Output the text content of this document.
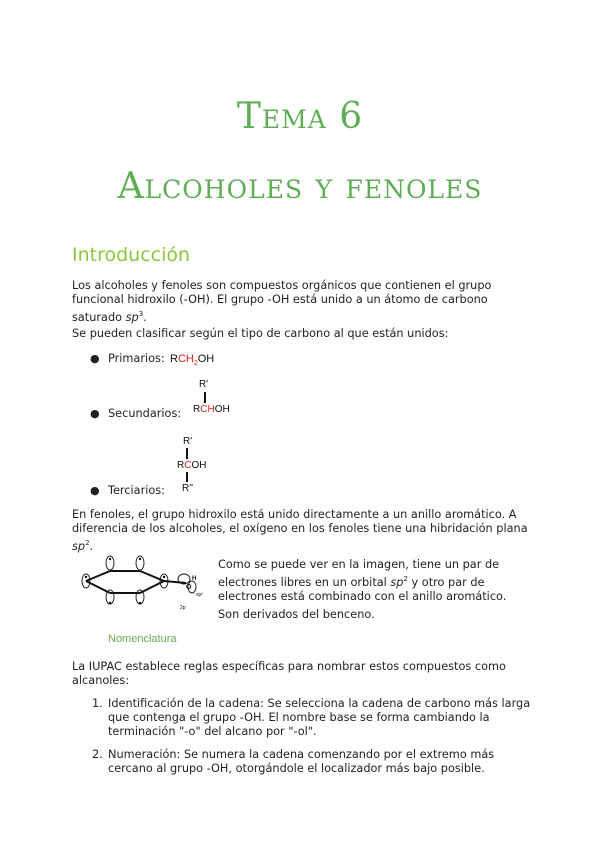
Tema 6
Alcoholes y fenoles
Introducción
Los alcoholes y fenoles son compuestos orgánicos que contienen el grupo
funcional hidroxilo (-OH). El grupo -OH está unido a un átomo de carbono
saturado $sp^3$.
Se pueden clasificar según el tipo de carbono al que están unidos:
● Primarios: $RCH_2OH$
R'
RCHOH
● Secundarios:
R'
RCOH
● Terciarios: R''
En fenoles, el grupo hidroxilo está unido directamente a un anillo aromático. A
diferencia de los alcoholes, el oxígeno en los fenoles tiene una hibridación plana
$sp^2$.
H
O
sp²
2p
Como se puede ver en la imagen, tiene un par de
electrones libres en un orbital $sp^2$ y otro par de
electrones está combinado con el anillo aromático.
Son derivados del benceno.
Nomenclatura
La IUPAC establece reglas específicas para nombrar estos compuestos como
alcanoles:
1. Identificación de la cadena: Se selecciona la cadena de carbono más larga
que contenga el grupo -OH. El nombre base se forma cambiando la
terminación "-o" del alcano por "-ol".
2. Numeración: Se numera la cadena comenzando por el extremo más
cercano al grupo -OH, otorgándole el localizador más bajo posible.
